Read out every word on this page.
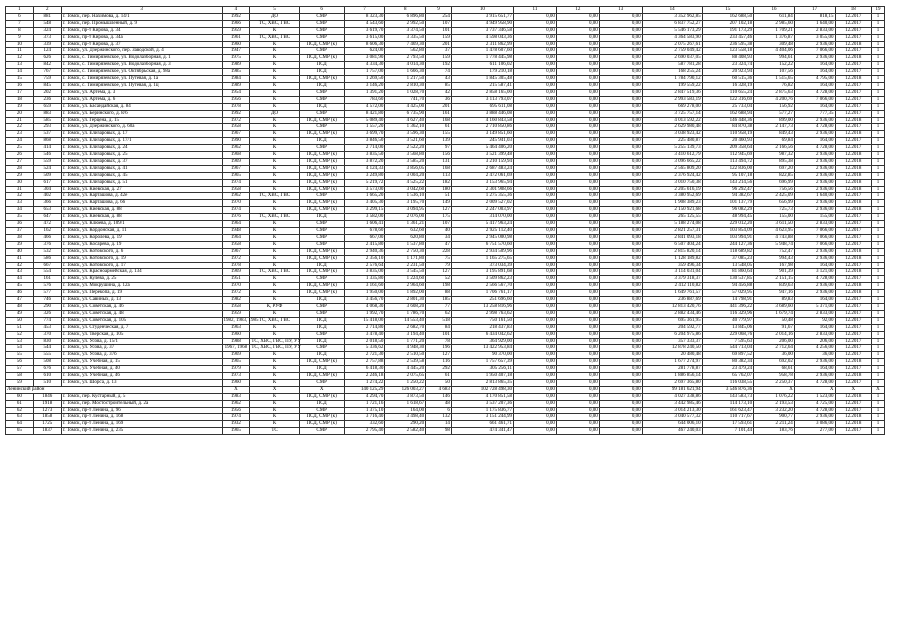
1	2	3	4	5	6	7	8	9	10	11	12	13	14	15	16	17	18	19
6	881	г. Томск, пер. Нахимова, д. 14/1	1992	ДО	СМР	8 323,30	6 896,80	254	3 915 651,77	0,00	0,00	0,00	3 352 962,85	162 688,50	611,84	818,15	12.2017	1
7	548	г. Томск, пер. Промышленный, д. 9	1966	ТС, ХВС, ГВС	СМР	4 543,60	2 992,50	107	4 949 958,90	0,00	0,00	0,00	6 837 752,27	207 102,18	2 985,60	1 640,00	12.2017	1
8	324	г. Томск, пр-т Кирова, д. 34	1959	К	СМР	3 619,70	3 374,50	101	3 737 346,58	0,00	0,00	0,00	5 546 173,29	191 173,29	1 709,21	2 833,00	12.2017	1
9	373	г. Томск, пр-т Кирова, д. 34а	1961	ТС, ХВС, ГВС	СМР	3 615,00	3 335,50	159	4 598 043,36	0,00	0,00	0,00	4 364 583,90	233 457,46	1 376,87	3 055,00	12.2017	1
10	339	г. Томск, пр-т Кирова, д. 37	1960	К	ПСД, СМР (к)	8 606,30	7 469,30	201	2 311 862,99	0,00	0,00	0,00	2 075 267,61	236 595,38	309,48	2 936,00	12.2018	1
11	124	г. Томск, ул. Дзержинского, пер. Заводской, д. 4	1947	К	СМР	624,00	562,80	37	1 478 607,60	0,00	0,00	0,00	2 759 049,42	123 558,18	4 404,06	7 066,00	12.2017	1
12	626	г. Томск, с. Тимирязевское, ул. Водолазборная, д. 1	1975	К	ПСД, СМР (к)	3 081,90	2 793,50	159	1 778 445,98	0,00	0,00	0,00	2 690 037,05	88 408,93	994,61	2 936,00	12.2018	1
13	842	г. Томск, с. Тимирязевское, ул. Водолазборная, д. 3	1989	К	ПСД	4 334,30	4 014,30	192	611 106,02	0,00	0,00	0,00	587 781,28	23 324,74	152,22	164,00	12.2017	1
14	767	г. Томск, с. Тимирязевское, ул. Октябрьская, д. 98а	1985	К	ПСД	1 757,00	1 666,30	74	179 210,18	0,00	0,00	0,00	168 255,24	20 923,94	107,56	164,00	12.2017	1
15	759	г. Томск, с. Тимирязевское, ул. Путевая, д. 1а	1984	К	ПСД, СМР (к)	1 269,50	1 217,50	43	1 845 305,48	0,00	0,00	0,00	1 784 790,12	60 515,36	1 515,65	4 795,00	12.2018	1
16	845	г. Томск, с. Тимирязевское, ул. Путевая, д. 1ц	1989	К	ПСД	3 146,20	2 810,30	85	215 587,41	0,00	0,00	0,00	199 559,22	16 328,19	76,82	164,00	12.2017	1
17	202	г. Томск, ул. Артема, д. 3	1954	К	СМР	1 391,20	1 028,70	42	2 858 165,00	0,00	0,00	0,00	2 847 519,36	110 655,24	2 875,63	4 728,00	12.2017	1
18	236	г. Томск, ул. Артема, д. 6	1956	К	СМР	783,60	741,70	36	3 113 793,07	0,00	0,00	0,00	2 993 583,19	122 316,69	4 200,76	7 066,00	12.2017	1
19	659	г. Томск, ул. Басандайская, д. 84	1978	К	ПСД	4 572,00	4 425,00	201	695 611,08	0,00	0,00	0,00	669 278,00	25 733,04	156,92	164,00	12.2017	1
20	883	г. Томск, ул. Беринского, д. 8/6	1992	ДО	СМР	8 421,80	6 735,90	161	3 888 446,08	0,00	0,00	0,00	3 725 757,14	162 688,94	577,27	777,35	12.2017	1
21	585	г. Томск, ул. Герцена, д. 15	1972	К	ПСД, СМР (к)	5 089,40	4 627,40	168	4 160 843,58	0,00	0,00	0,00	4 013 592,22	146 448,36	899,00	2 936,00	12.2018	1
22	293	г. Томск, ул. Дзержинского, д. 60а	1958	К	СМР	1 557,20	1 362,10	61	2 710 850,86	0,00	0,00	0,00	2 629 980,48	84 870,38	2 147,73	4 728,00	12.2017	1
23	537	г. Томск, ул. Елизаровых, д. 17	1967	К	ПСД, СМР (к)	3 699,70	3 596,30	155	3 149 851,60	0,00	0,00	0,00	3 038 923,42	110 958,19	849,43	2 936,00	12.2018	1
24	868	г. Томск, ул. Елизаровых, д. 17/1	1990	К	ПСД	3 846,50	3 521,60	139	245 941,03	0,00	0,00	0,00	225 480,87	20 460,93	69,84	164,00	12.2017	1
25	414	г. Томск, ул. Елизаровых, д. 24	1962	К	СМР	2 714,00	2 522,20	97	5 464 406,20	0,00	0,00	0,00	5 255 139,73	209 358,64	2 166,56	4 728,00	12.2017	1
26	546	г. Томск, ул. Елизаровых, д. 25	1968	К	ПСД, СМР (к)	3 835,50	3 568,80	156	3 521 399,48	0,00	0,00	0,00	3 410 612,79	112 945,69	987,32	2 936,00	12.2018	1
27	559	г. Томск, ул. Елизаровых, д. 37	1969	К	ПСД, СМР (к)	3 872,20	3 585,20	131	3 210 159,94	0,00	0,00	0,00	3 096 665,22	113 494,72	895,38	2 936,00	12.2018	1
28	524	г. Томск, ул. Елизаровых, д. 41	1967	К	ПСД, СМР (к)	4 124,33	3 856,05	168	2 687 483,24	0,00	0,00	0,00	2 565 809,20	122 836,00	697,20	2 936,00	12.2018	1
29	509	г. Томск, ул. Елизаровых, д. 45	1965	К	ПСД, СМР (к)	3 249,80	3 004,20	113	2 472 061,69	0,00	0,00	0,00	2 376 924,42	95 107,18	822,85	2 936,00	12.2018	1
30	617	г. Томск, ул. Елизаровых, д. 51	1974	К	ПСД, СМР (к)	5 219,72	4 525,22	182	3 153 965,94	0,00	0,00	0,00	3 010 750,38	143 214,56	696,99	2 936,00	12.2018	1
31	304	г. Томск, ул. Киевская, д. 27	1958	К	ПСД, СМР (к)	3 573,00	3 042,60	180	2 301 908,66	0,00	0,00	0,00	2 205 616,19	96 292,47	756,56	2 936,00	12.2018	1
32	402	г. Томск, ул. Карташова, д. 42е	1962	ТС, ХВС, ГВС	СМР	1 665,20	1 536,10	51	1 275 355,36	0,00	0,00	0,00	3 380 952,69	94 382,67	2 425,09	1 640,00	12.2017	1
33	366	г. Томск, ул. Карташова, д. 66	1970	К	ПСД, СМР (к)	3 405,30	3 195,70	149	2 009 527,02	0,00	0,00	0,00	1 908 389,23	101 137,79	656,99	2 936,00	12.2018	1
34	653	г. Томск, ул. Киевская, д. 88	1974	К	ПСД, СМР (к)	3 299,15	3 094,95	127	2 247 003,97	0,00	0,00	0,00	2 150 921,68	96 082,29	725,73	2 936,00	12.2018	1
35	647	г. Томск, ул. Киевская, д. 88	1976	ТС, ХВС, ГВС	ПСД	3 582,00	2 076,00	175	314 070,00	0,00	0,00	0,00	265 125,55	48 994,45	155,00	155,00	12.2017	1
36	472	г. Томск, ул. Клюева, д. 109/1	1964	К	СМР	1 606,41	1 361,21	107	5 417 963,24	0,00	0,00	0,00	5 188 274,08	229 012,20	3 611,50	2 833,00	12.2017	1
37	162	г. Томск, ул. Кордонская, д. 11	1948	К	СМР	678,60	632,60	40	2 925 112,40	0,00	0,00	0,00	2 821 257,31	103 854,09	4 623,95	7 066,00	12.2017	1
38	466	г. Томск, ул. Королева, д. 19	1964	К	СМР	667,00	620,80	34	2 945 000,98	0,00	0,00	0,00	2 841 093,18	103 994,91	4 743,88	7 066,00	12.2017	1
39	376	г. Томск, ул. Косарева, д. 19	1958	К	СМР	2 415,80	1 537,80	47	6 751 570,60	0,00	0,00	0,00	6 507 404,24	244 127,36	5 948,74	7 066,00	12.2017	1
40	532	г. Томск, ул. Котовского, д. 6	1967	К	ПСД, СМР (к)	2 940,36	2 750,30	228	2 934 509,96	0,00	0,00	0,00	2 815 820,14	118 689,82	752,47	2 936,00	12.2018	1
41	586	г. Томск, ул. Котовского, д. 19	1972	К	ПСД, СМР (к)	2 356,10	1 171,80	75	1 165 275,65	0,00	0,00	0,00	1 128 189,82	37 085,23	994,43	2 936,00	12.2018	1
42	667	г. Томск, ул. Котовского, д. 17	1978	К	ПСД	2 576,64	2 231,50	79	373 034,39	0,00	0,00	0,00	359 496,34	13 548,05	167,98	164,00	12.2017	1
43	554	г. Томск, ул. Красноармейская, д. 134	1969	ТС, ХВС, ГВС	ПСД, СМР (к)	3 835,00	3 545,50	127	3 195 891,68	0,00	0,00	0,00	3 114 031,04	81 860,64	901,39	3 121,00	12.2018	1
44	161	г. Томск, ул. Кулева, д. 25	1951	К	СМР	1 335,80	1 224,60	52	3 509 862,23	0,00	0,00	0,00	3 379 318,37	130 537,85	2 151,15	4 728,00	12.2017	1
45	576	г. Томск, ул. Мокрушина, д. 12а	1970	К	ПСД, СМР (к)	3 161,60	2 964,60	198	2 566 567,70	0,00	0,00	0,00	2 412 110,82	94 456,88	839,63	2 936,00	12.2018	1
46	577	г. Томск, ул. Перекопа, д. 19	1972	К	ПСД, СМР (к)	1 950,00	1 892,00	88	1 706 761,17	0,00	0,00	0,00	1 649 761,57	57 029,95	947,16	2 936,00	12.2018	1
47	746	г. Томск, ул. Савиных, д. 13	1982	К	ПСД	3 456,70	2 801,30	185	251 696,60	0,00	0,00	0,00	236 887,69	14 798,91	89,83	164,00	12.2017	1
48	290	г. Томск, ул. Советская, д. 46	1958	К, РУФ	СМР	4 068,30	3 608,20	77	13 258 816,96	0,00	0,00	0,00	12 813 420,76	441 396,22	3 689,60	5 371,00	12.2017	1
49	326	г. Томск, ул. Советская, д. 48	1959	К	СМР	1 992,70	1 786,70	62	2 998 763,62	0,00	0,00	0,00	2 882 434,46	116 329,96	1 679,74	2 833,00	12.2017	1
50	774	г. Томск, ул. Советская, д. 105	1982, 1983, 1985	ТС, ХВС, ГВС	ПСД	15 418,00	14 553,40	518	750 161,50	0,00	0,00	0,00	695 361,95	40 779,97	50,48	92,00	12.2017	1
51	453	г. Томск, ул. Студенческая, д. 7	1963	К	ПСД	2 714,80	2 682,70	84	218 437,83	0,00	0,00	0,00	204 592,77	13 845,06	91,67	164,00	12.2017	1
52	370	г. Томск, ул. Тверская, д. 105	1960	К	СМР	3 478,40	3 194,40	101	6 434 042,62	0,00	0,00	0,00	6 204 975,86	229 068,76	2 014,16	2 833,00	12.2017	1
53	830	г. Томск, ул. Усова, д. 15/1	1988	ТС, ХВС, ГВС, ПУ, УУ	ПСД	2 018,50	1 771,20	78	364 929,00	0,00	0,00	0,00	357 333,37	7 595,63	206,00	206,00	12.2017	1
54	544	г. Томск, ул. Усова, д. 37	1967, 1968	ТС, ХВС, ГВС, ПУ, УУ	СМР	5 336,62	4 948,30	196	13 422 953,84	0,00	0,00	0,00	12 878 240,50	544 713,04	2 712,64	4 256,00	12.2017	1
55	555	г. Томск, ул. Усова, д. 37б	1969	К	ПСД	2 721,30	2 510,50	127	90 370,00	0,00	0,00	0,00	20 480,48	69 897,52	36,00	36,00	12.2017	1
56	508	г. Томск, ул. Учебная, д. 15	1965	К	ПСД, СМР (к)	2 757,88	2 539,58	116	1 757 657,39	0,00	0,00	0,00	1 677 274,97	80 382,34	692,02	2 936,00	12.2018	1
57	676	г. Томск, ул. Учебная, д. 40	1979	К	ПСД	6 418,30	4 445,20	292	305 256,11	0,00	0,00	0,00	281 778,87	23 479,24	68,61	164,00	12.2017	1
58	610	г. Томск, ул. Учебная, д. 46	1973	К	ПСД, СМР (к)	2 246,18	2 075,65	61	1 950 407,18	0,00	0,00	0,00	1 886 856,14	65 762,07	958,78	2 936,00	12.2018	1
59	510	г. Томск, ул. Шорса, д. 13	1960	К	СМР	1 274,22	1 250,22	50	2 813 865,35	0,00	0,00	0,00	2 697 365,80	116 038,55	2 250,37	4 728,00	12.2017	1
Ленинский район			X	X	X	140 125,29	126 003,27	4 683	102 728 498,30	0,00	0,00	0,00	99 181 621,94	3 546 876,36	X	X	X	X
60	1846	г. Томск, пер. Кустарный, д. 5	1983	К	ПСД, СМР (к)	4 294,70	3 873,50	146	4 170 851,58	0,00	0,00	0,00	4 027 338,86	143 583,73	1 076,22	1 523,00	12.2018	1
61	1918	г. Томск, пер. Мостостроительный, д. 2а	1962	К	ПСД	1 721,16	1 618,67	48	3 537 207,36	0,00	0,00	0,00	3 442 985,46	114 173,10	2 193,53	4 725,00	12.2017	1
62	1273	г. Томск, пр-т Ленина, д. 96	1956	К	СМР	1 375,10	164,00	6	1 175 836,77	0,00	0,00	0,00	3 014 213,30	161 623,47	3 232,20	4 728,00	12.2017	1
63	1858	г. Томск, пр-т Ленина, д. 168	1974	К	ПСД, СМР (к)	3 716,40	3 498,40	132	3 151 244,99	0,00	0,00	0,00	3 040 577,32	110 717,67	900,77	2 936,00	12.2018	1
64	1725	г. Томск, пр-т Ленина, д. 169	1932	К	ПСД, СМР (к)	332,60	290,20	14	661 461,71	0,00	0,00	0,00	644 006,10	17 593,61	2 211,24	3 086,00	12.2018	1
65	1837	г. Томск, пр-т Ленина, д. 235	1965	ТС	СМР	2 795,40	2 582,40	98	474 341,47	0,00	0,00	0,00	467 240,03	7 101,44	183,76	277,00	12.2017	1
